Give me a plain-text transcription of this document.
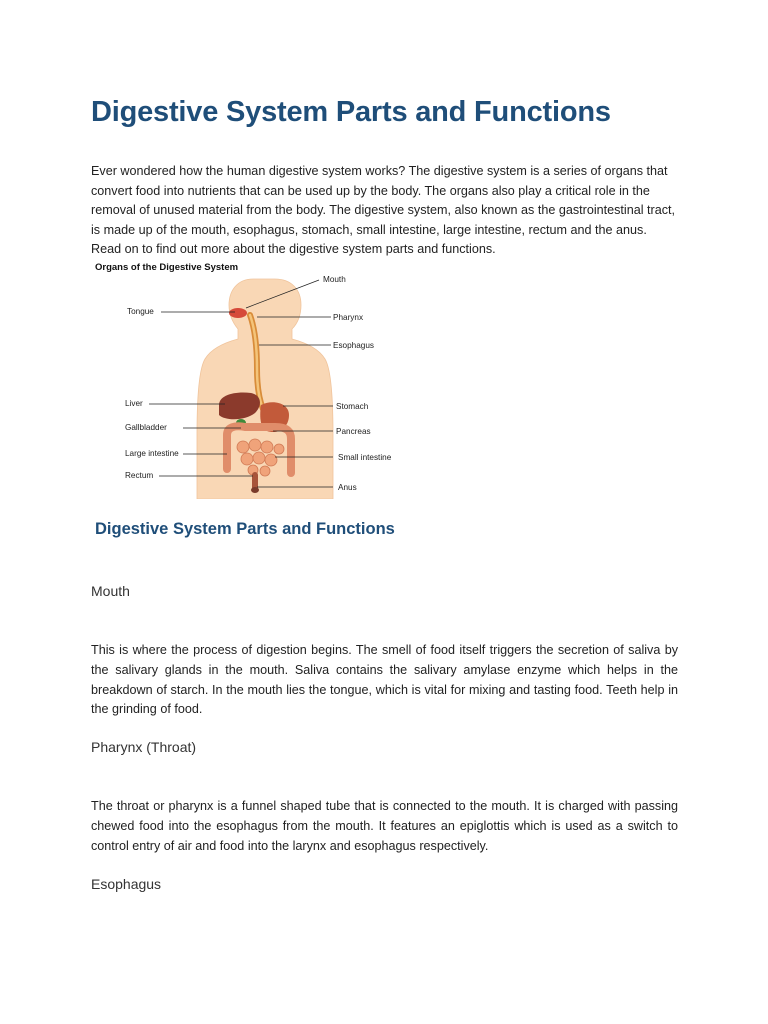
Digestive System Parts and Functions

Ever wondered how the human digestive system works? The digestive system is a series of organs that convert food into nutrients that can be used up by the body. The organs also play a critical role in the removal of unused material from the body. The digestive system, also known as the gastrointestinal tract, is made up of the mouth, esophagus, stomach, small intestine, large intestine, rectum and the anus. Read on to find out more about the digestive system parts and functions.

Organs of the Digestive System
Tongue
Liver
Gallbladder
Large intestine
Rectum
Mouth
Pharynx
Esophagus
Stomach
Pancreas
Small intestine
Anus
Digestive System Parts and Functions
Mouth

This is where the process of digestion begins. The smell of food itself triggers the secretion of saliva by the salivary glands in the mouth. Saliva contains the salivary amylase enzyme which helps in the breakdown of starch. In the mouth lies the tongue, which is vital for mixing and tasting food. Teeth help in the grinding of food.

Pharynx (Throat)

The throat or pharynx is a funnel shaped tube that is connected to the mouth. It is charged with passing chewed food into the esophagus from the mouth. It features an epiglottis which is used as a switch to control entry of air and food into the larynx and esophagus respectively.

Esophagus
